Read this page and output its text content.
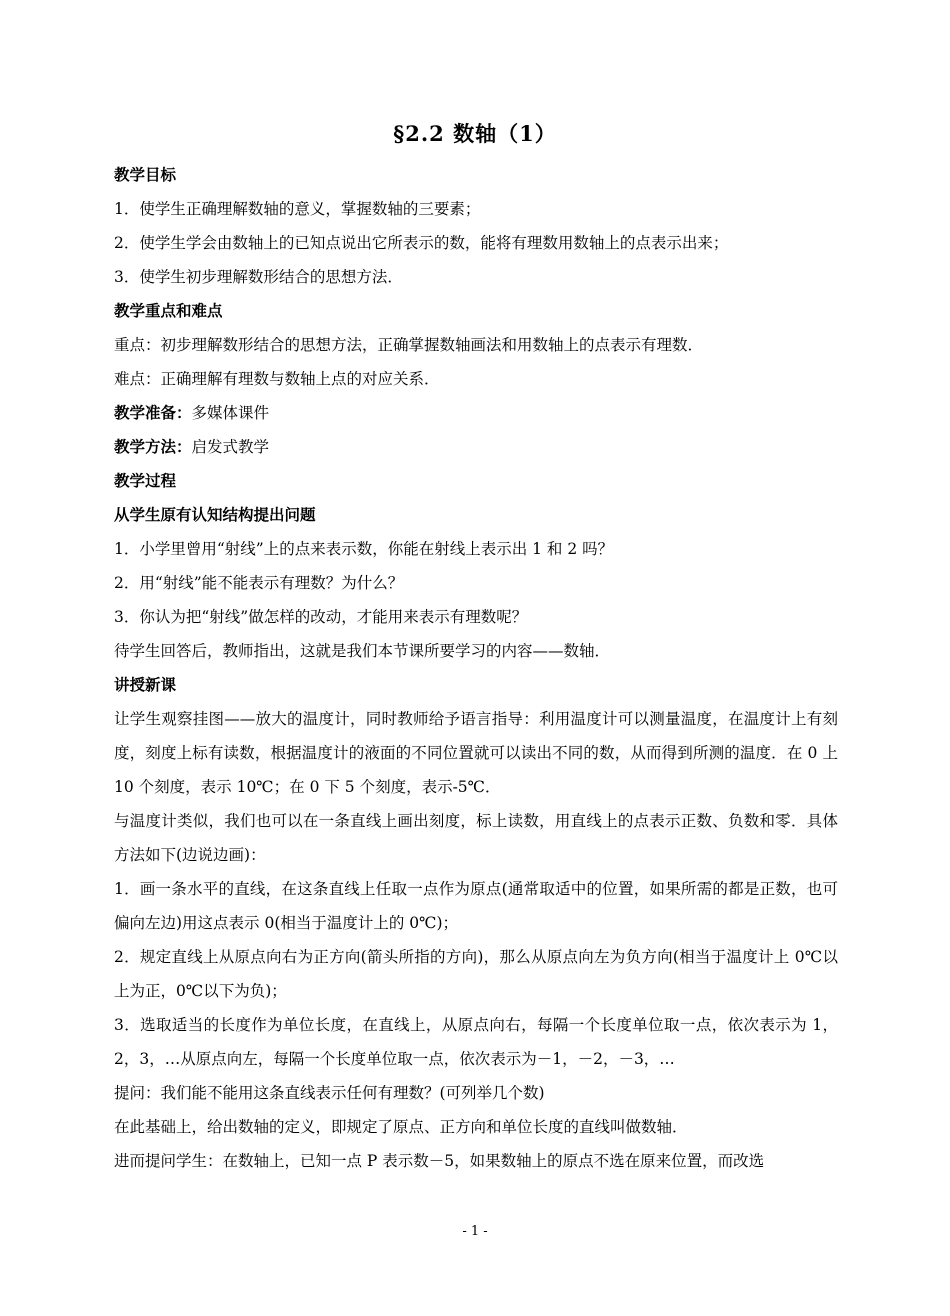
§2.2 数轴（1）

教学目标

1．使学生正确理解数轴的意义，掌握数轴的三要素；

2．使学生学会由数轴上的已知点说出它所表示的数，能将有理数用数轴上的点表示出来；

3．使学生初步理解数形结合的思想方法．

教学重点和难点

重点：初步理解数形结合的思想方法，正确掌握数轴画法和用数轴上的点表示有理数．

难点：正确理解有理数与数轴上点的对应关系．

教学准备：多媒体课件

教学方法：启发式教学

教学过程

从学生原有认知结构提出问题

1．小学里曾用“射线”上的点来表示数，你能在射线上表示出 1 和 2 吗？

2．用“射线”能不能表示有理数？为什么？

3．你认为把“射线”做怎样的改动，才能用来表示有理数呢？

待学生回答后，教师指出，这就是我们本节课所要学习的内容——数轴．

讲授新课

让学生观察挂图——放大的温度计，同时教师给予语言指导：利用温度计可以测量温度，在温度计上有刻度，刻度上标有读数，根据温度计的液面的不同位置就可以读出不同的数，从而得到所测的温度．在 0 上 10 个刻度，表示 10℃；在 0 下 5 个刻度，表示-5℃．

与温度计类似，我们也可以在一条直线上画出刻度，标上读数，用直线上的点表示正数、负数和零．具体方法如下(边说边画)：

1．画一条水平的直线，在这条直线上任取一点作为原点(通常取适中的位置，如果所需的都是正数，也可偏向左边)用这点表示 0(相当于温度计上的 0℃)；

2．规定直线上从原点向右为正方向(箭头所指的方向)，那么从原点向左为负方向(相当于温度计上 0℃以上为正，0℃以下为负)；

3．选取适当的长度作为单位长度，在直线上，从原点向右，每隔一个长度单位取一点，依次表示为 1，2，3，…从原点向左，每隔一个长度单位取一点，依次表示为－1，－2，－3，…

提问：我们能不能用这条直线表示任何有理数？(可列举几个数)

在此基础上，给出数轴的定义，即规定了原点、正方向和单位长度的直线叫做数轴．

进而提问学生：在数轴上，已知一点 P 表示数－5，如果数轴上的原点不选在原来位置，而改选

- 1 -
